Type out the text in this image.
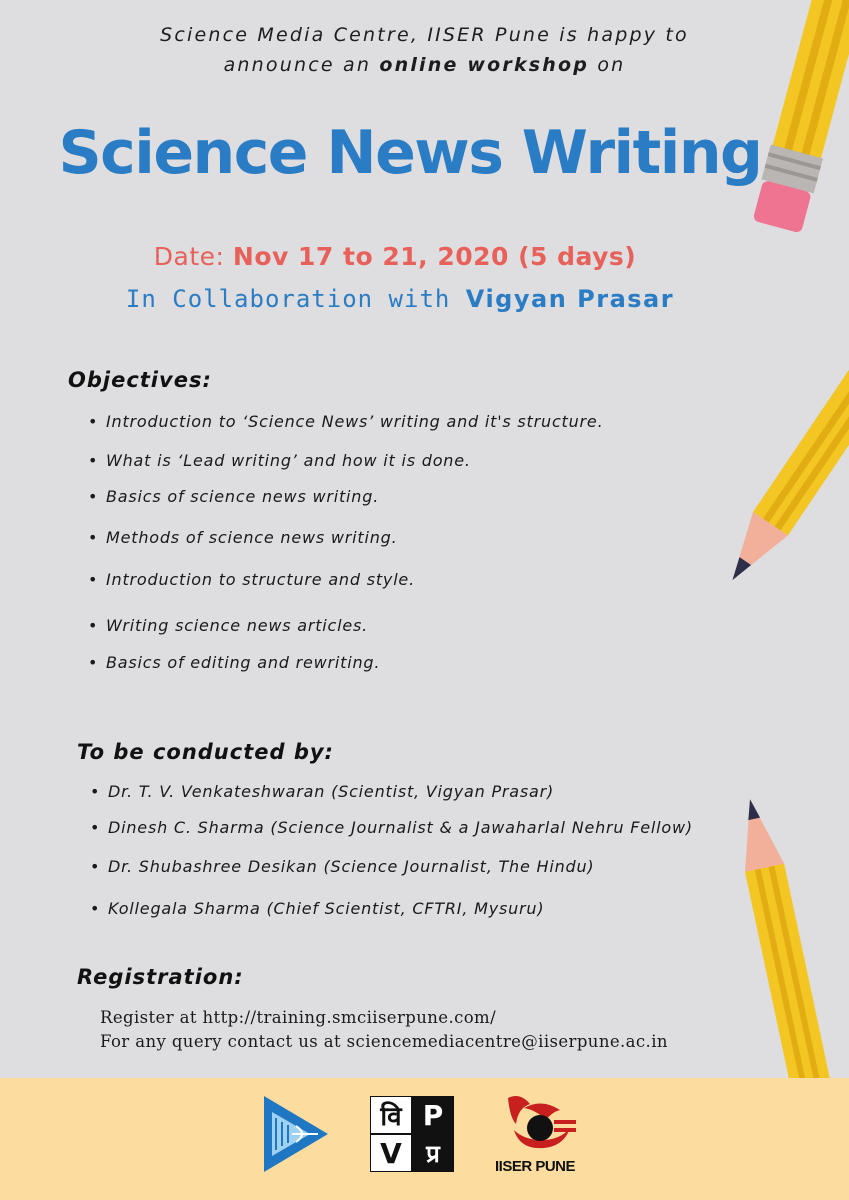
Science Media Centre, IISER Pune is happy to
announce an online workshop on
Science News Writing
Date: Nov 17 to 21, 2020 (5 days)
In Collaboration with Vigyan Prasar
Objectives:
• Introduction to ‘Science News’ writing and it's structure.
• What is ‘Lead writing’ and how it is done.
• Basics of science news writing.
• Methods of science news writing.
• Introduction to structure and style.
• Writing science news articles.
• Basics of editing and rewriting.
To be conducted by:
• Dr. T. V. Venkateshwaran (Scientist, Vigyan Prasar)
• Dinesh C. Sharma (Science Journalist & a Jawaharlal Nehru Fellow)
• Dr. Shubashree Desikan (Science Journalist, The Hindu)
• Kollegala Sharma (Chief Scientist, CFTRI, Mysuru)
Registration:
Register at http://training.smciiserpune.com/
For any query contact us at sciencemediacentre@iiserpune.ac.in
वि P
V	प्र	IISER PUNE
